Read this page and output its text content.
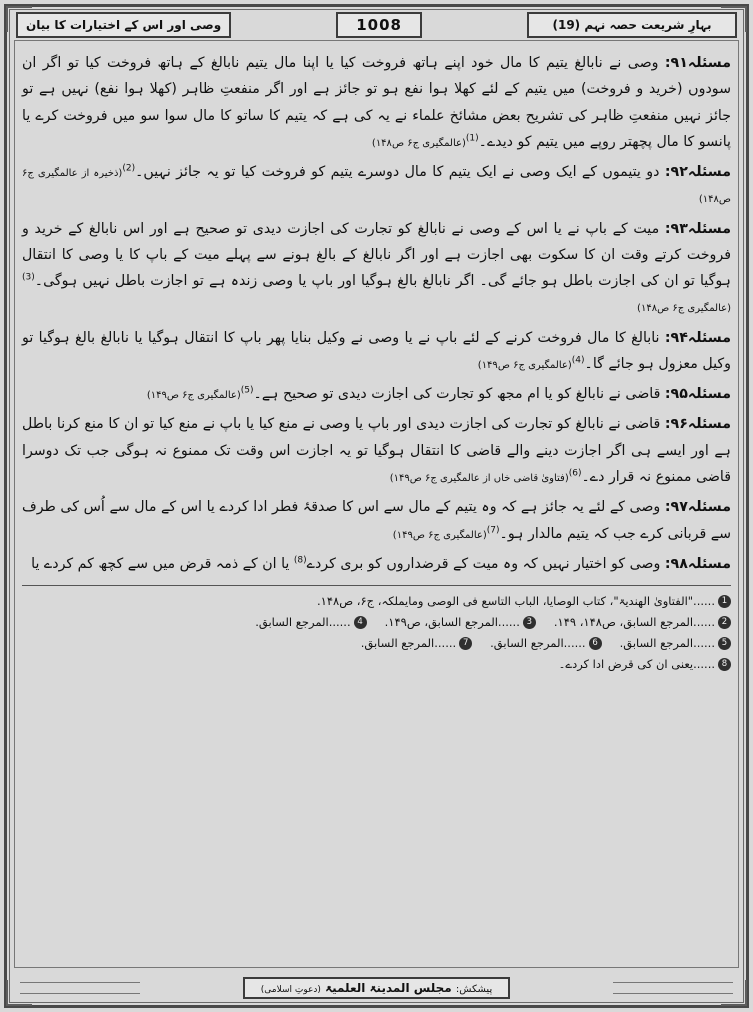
بہارِ شریعت حصہ نہم (19)
1008
وصی اور اس کے اختیارات کا بیان

مسئلہ۹۱: وصی نے نابالغ یتیم کا مال خود اپنے ہاتھ فروخت کیا یا اپنا مال یتیم نابالغ کے ہاتھ فروخت کیا تو اگر ان سودوں (خرید و فروخت) میں یتیم کے لئے کھلا ہوا نفع ہو تو جائز ہے اور اگر منفعتِ ظاہر (کھلا ہوا نفع) نہیں ہے تو جائز نہیں منفعتِ ظاہر کی تشریح بعض مشائخ علماء نے یہ کی ہے کہ یتیم کا ساتو کا مال سوا سو میں فروخت کرے یا پانسو کا مال پچھتر روپے میں یتیم کو دیدے۔$^{(1)}$(عالمگیری ج۶ ص۱۴۸)

مسئلہ۹۲: دو یتیموں کے ایک وصی نے ایک یتیم کا مال دوسرے یتیم کو فروخت کیا تو یہ جائز نہیں۔$^{(2)}$(ذخیرہ از عالمگیری ج۶ ص۱۴۸)

مسئلہ۹۳: میت کے باپ نے یا اس کے وصی نے نابالغ کو تجارت کی اجازت دیدی تو صحیح ہے اور اس نابالغ کے خرید و فروخت کرتے وقت ان کا سکوت بھی اجازت ہے اور اگر نابالغ کے بالغ ہونے سے پہلے میت کے باپ کا یا وصی کا انتقال ہوگیا تو ان کی اجازت باطل ہو جائے گی۔ اگر نابالغ بالغ ہوگیا اور باپ یا وصی زندہ ہے تو اجازت باطل نہیں ہوگی۔$^{(3)}$(عالمگیری ج۶ ص۱۴۸)

مسئلہ۹۴: نابالغ کا مال فروخت کرنے کے لئے باپ نے یا وصی نے وکیل بنایا پھر باپ کا انتقال ہوگیا یا نابالغ بالغ ہوگیا تو وکیل معزول ہو جائے گا۔$^{(4)}$(عالمگیری ج۶ ص۱۴۹)

مسئلہ۹۵: قاضی نے نابالغ کو یا ام مجھ کو تجارت کی اجازت دیدی تو صحیح ہے۔$^{(5)}$(عالمگیری ج۶ ص۱۴۹)

مسئلہ۹۶: قاضی نے نابالغ کو تجارت کی اجازت دیدی اور باپ یا وصی نے منع کیا یا باپ نے منع کیا تو ان کا منع کرنا باطل ہے اور ایسے ہی اگر اجازت دینے والے قاضی کا انتقال ہوگیا تو یہ اجازت اس وقت تک ممنوع نہ ہوگی جب تک دوسرا قاضی ممنوع نہ قرار دے۔$^{(6)}$(فتاویٰ قاضی خاں از عالمگیری ج۶ ص۱۴۹)

مسئلہ۹۷: وصی کے لئے یہ جائز ہے کہ وہ یتیم کے مال سے اس کا صدقۂ فطر ادا کردے یا اس کے مال سے اُس کی طرف سے قربانی کرے جب کہ یتیم مالدار ہو۔$^{(7)}$(عالمگیری ج۶ ص۱۴۹)

مسئلہ۹۸: وصی کو اختیار نہیں کہ وہ میت کے قرضداروں کو بری کردے$^{(8)}$ یا ان کے ذمہ قرض میں سے کچھ کم کردے یا

1
......"الفتاویٰ الھندیۃ"، کتاب الوصایا، الباب التاسع فی الوصی ومایملکہ، ج۶، ص۱۴۸.
2
......المرجع السابق، ص۱۴۸، ۱۴۹.
3
......المرجع السابق، ص۱۴۹.
4
......المرجع السابق.
5
......المرجع السابق.
6
......المرجع السابق.
7
......المرجع السابق.
8
......یعنی ان کی قرض ادا کردے۔
پیشکش: مجلس المدینۃ العلمیۃ (دعوتِ اسلامی)
